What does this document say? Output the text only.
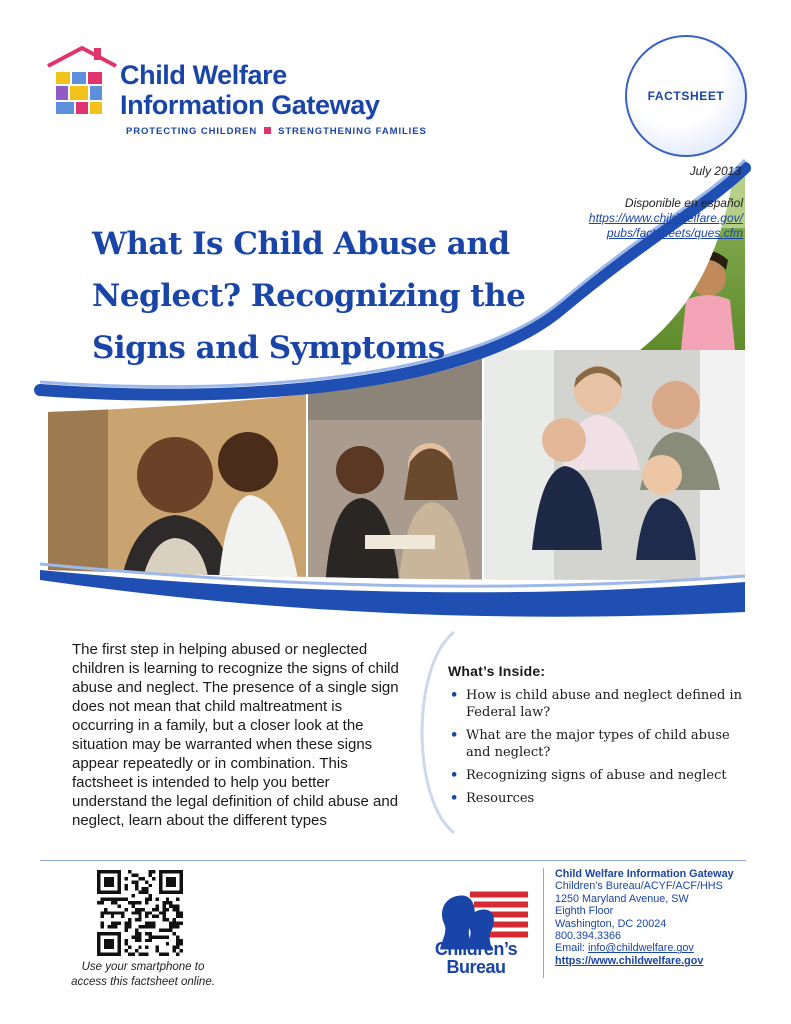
Child Welfare
Information Gateway
PROTECTING CHILDREN STRENGTHENING FAMILIES
FACTSHEET
July 2013
Disponible en español
https://www.childwelfare.gov/
pubs/factsheets/ques.cfm
What Is Child Abuse and Neglect? Recognizing the Signs and Symptoms

The first step in helping abused or neglected children is learning to recognize the signs of child abuse and neglect. The presence of a single sign does not mean that child maltreatment is occurring in a family, but a closer look at the situation may be warranted when these signs appear repeatedly or in combination. This factsheet is intended to help you better understand the legal definition of child abuse and neglect, learn about the different types

What’s Inside:
• How is child abuse and neglect defined in Federal law?
• What are the major types of child abuse and neglect?
• Recognizing signs of abuse and neglect
• Resources
Use your smartphone to
access this factsheet online.
Children’s
Bureau
Child Welfare Information Gateway
Children’s Bureau/ACYF/ACF/HHS
1250 Maryland Avenue, SW
Eighth Floor
Washington, DC 20024
800.394.3366
Email: info@childwelfare.gov
https://www.childwelfare.gov
